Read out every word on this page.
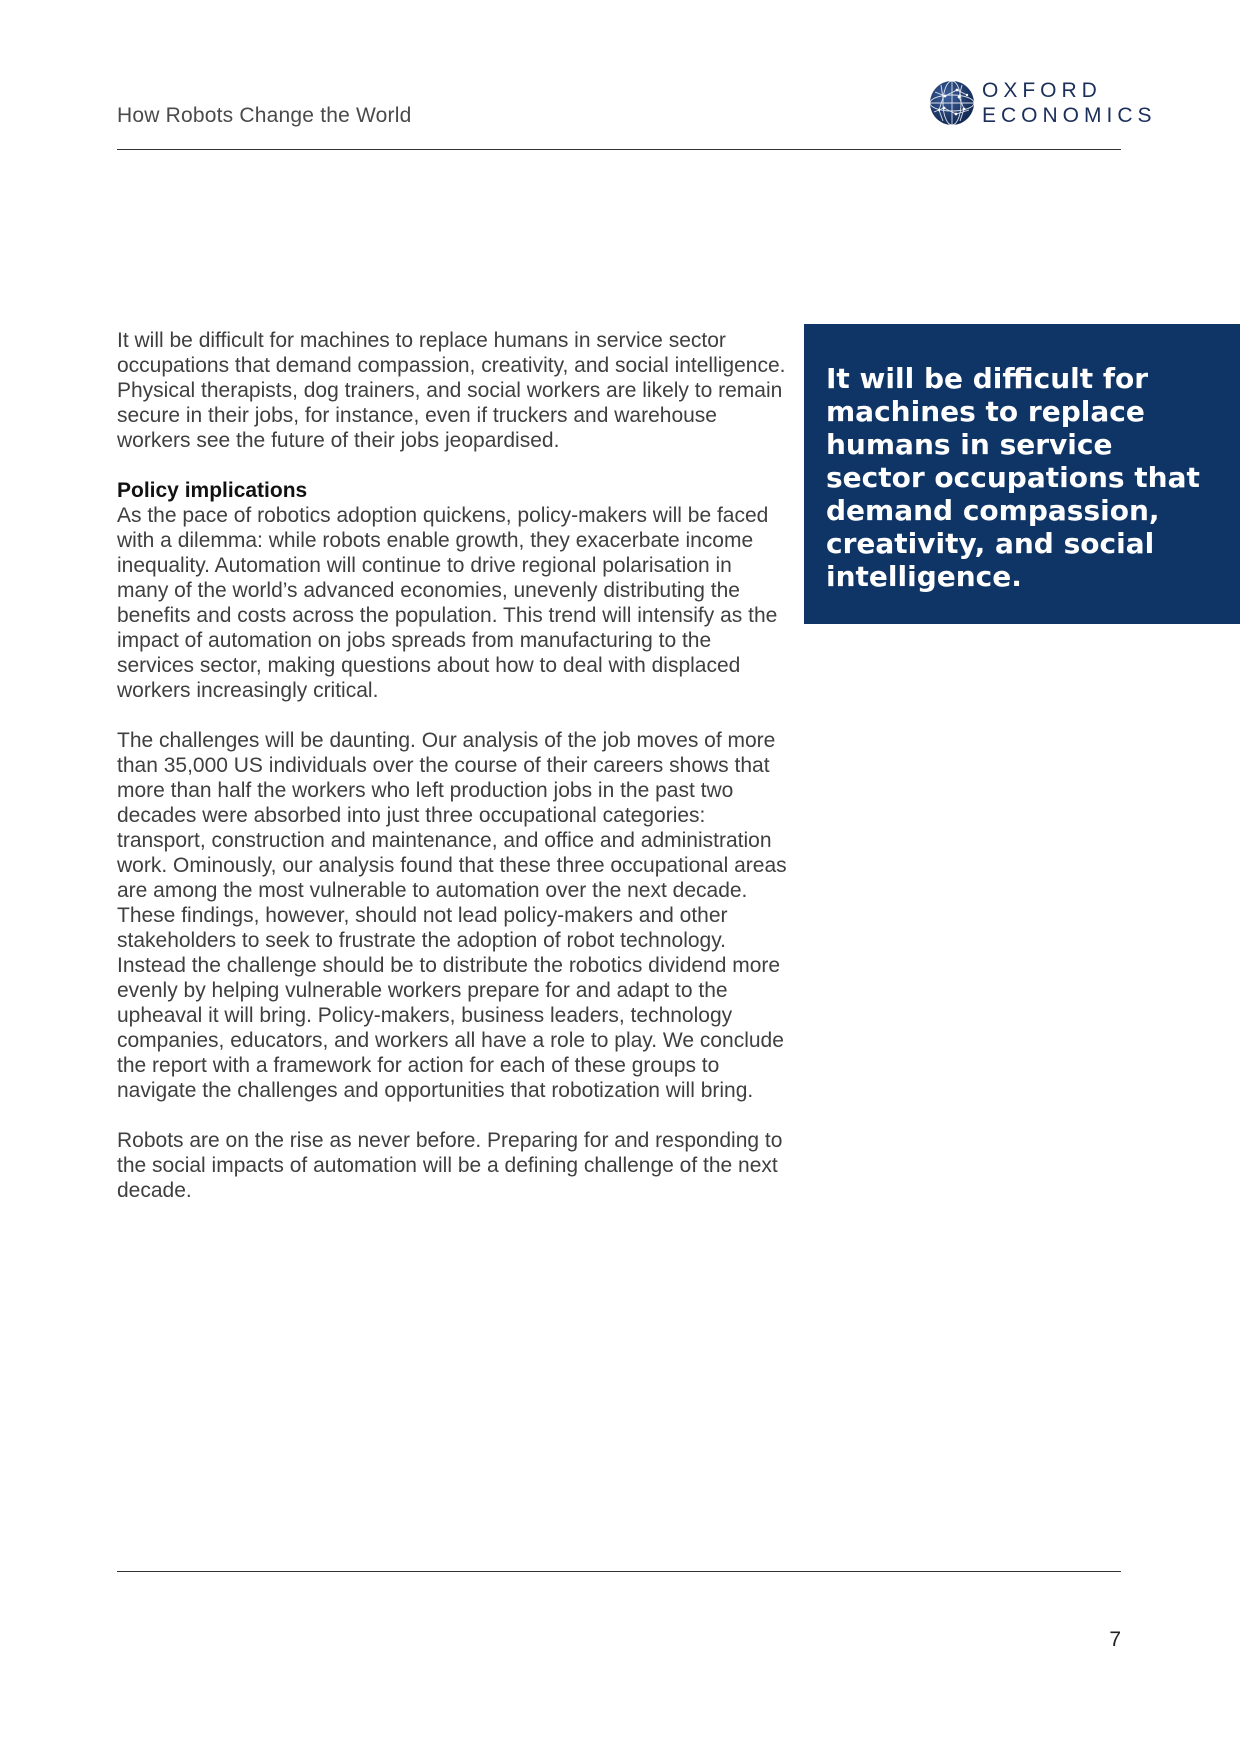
How Robots Change the World
OXFORD
ECONOMICS

It will be difficult for machines to replace humans in service sector occupations that demand compassion, creativity, and social intelligence. Physical therapists, dog trainers, and social workers are likely to remain secure in their jobs, for instance, even if truckers and warehouse workers see the future of their jobs jeopardised.

Policy implications
As the pace of robotics adoption quickens, policy-makers will be faced with a dilemma: while robots enable growth, they exacerbate income inequality. Automation will continue to drive regional polarisation in many of the world’s advanced economies, unevenly distributing the benefits and costs across the population. This trend will intensify as the impact of automation on jobs spreads from manufacturing to the services sector, making questions about how to deal with displaced workers increasingly critical.

The challenges will be daunting. Our analysis of the job moves of more than 35,000 US individuals over the course of their careers shows that more than half the workers who left production jobs in the past two decades were absorbed into just three occupational categories: transport, construction and maintenance, and office and administration work. Ominously, our analysis found that these three occupational areas are among the most vulnerable to automation over the next decade. These findings, however, should not lead policy-makers and other stakeholders to seek to frustrate the adoption of robot technology. Instead the challenge should be to distribute the robotics dividend more evenly by helping vulnerable workers prepare for and adapt to the upheaval it will bring. Policy-makers, business leaders, technology companies, educators, and workers all have a role to play. We conclude the report with a framework for action for each of these groups to navigate the challenges and opportunities that robotization will bring.

Robots are on the rise as never before. Preparing for and responding to the social impacts of automation will be a defining challenge of the next decade.

It will be difficult for machines to replace humans in service sector occupations that demand compassion, creativity, and social intelligence.

7
